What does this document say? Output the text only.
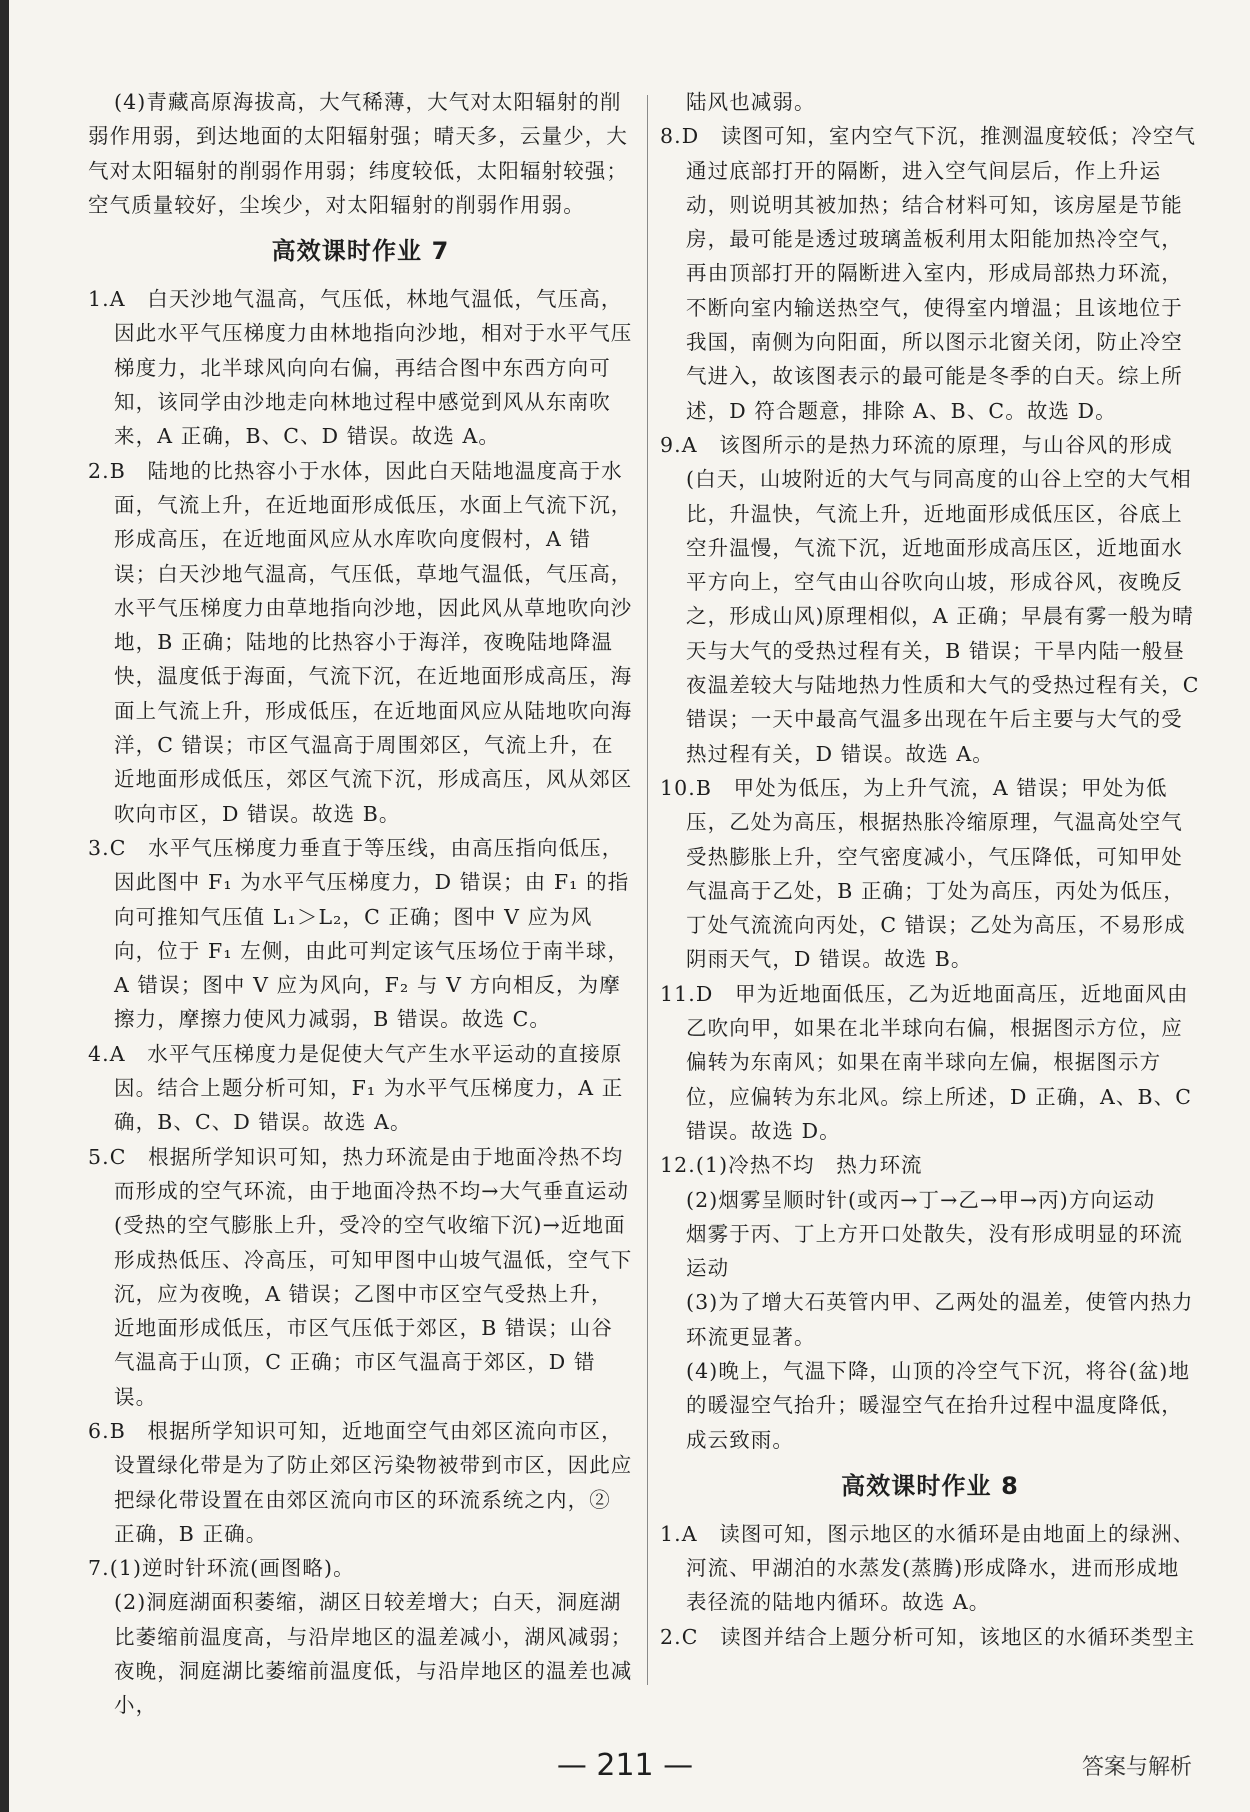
(4)青藏高原海拔高，大气稀薄，大气对太阳辐射的削弱作用弱，到达地面的太阳辐射强；晴天多，云量少，大气对太阳辐射的削弱作用弱；纬度较低，太阳辐射较强；空气质量较好，尘埃少，对太阳辐射的削弱作用弱。

高效课时作业 7

1.A　白天沙地气温高，气压低，林地气温低，气压高，因此水平气压梯度力由林地指向沙地，相对于水平气压梯度力，北半球风向向右偏，再结合图中东西方向可知，该同学由沙地走向林地过程中感觉到风从东南吹来，A 正确，B、C、D 错误。故选 A。

2.B　陆地的比热容小于水体，因此白天陆地温度高于水面，气流上升，在近地面形成低压，水面上气流下沉，形成高压，在近地面风应从水库吹向度假村，A 错误；白天沙地气温高，气压低，草地气温低，气压高，水平气压梯度力由草地指向沙地，因此风从草地吹向沙地，B 正确；陆地的比热容小于海洋，夜晚陆地降温快，温度低于海面，气流下沉，在近地面形成高压，海面上气流上升，形成低压，在近地面风应从陆地吹向海洋，C 错误；市区气温高于周围郊区，气流上升，在近地面形成低压，郊区气流下沉，形成高压，风从郊区吹向市区，D 错误。故选 B。

3.C　水平气压梯度力垂直于等压线，由高压指向低压，因此图中 F₁ 为水平气压梯度力，D 错误；由 F₁ 的指向可推知气压值 L₁＞L₂，C 正确；图中 V 应为风向，位于 F₁ 左侧，由此可判定该气压场位于南半球，A 错误；图中 V 应为风向，F₂ 与 V 方向相反，为摩擦力，摩擦力使风力减弱，B 错误。故选 C。

4.A　水平气压梯度力是促使大气产生水平运动的直接原因。结合上题分析可知，F₁ 为水平气压梯度力，A 正确，B、C、D 错误。故选 A。

5.C　根据所学知识可知，热力环流是由于地面冷热不均而形成的空气环流，由于地面冷热不均→大气垂直运动(受热的空气膨胀上升，受冷的空气收缩下沉)→近地面形成热低压、冷高压，可知甲图中山坡气温低，空气下沉，应为夜晚，A 错误；乙图中市区空气受热上升，近地面形成低压，市区气压低于郊区，B 错误；山谷气温高于山顶，C 正确；市区气温高于郊区，D 错误。

6.B　根据所学知识可知，近地面空气由郊区流向市区，设置绿化带是为了防止郊区污染物被带到市区，因此应把绿化带设置在由郊区流向市区的环流系统之内，② 正确，B 正确。

7.(1)逆时针环流(画图略)。

(2)洞庭湖面积萎缩，湖区日较差增大；白天，洞庭湖比萎缩前温度高，与沿岸地区的温差减小，湖风减弱；夜晚，洞庭湖比萎缩前温度低，与沿岸地区的温差也减小，

陆风也减弱。

8.D　读图可知，室内空气下沉，推测温度较低；冷空气通过底部打开的隔断，进入空气间层后，作上升运动，则说明其被加热；结合材料可知，该房屋是节能房，最可能是透过玻璃盖板利用太阳能加热冷空气，再由顶部打开的隔断进入室内，形成局部热力环流，不断向室内输送热空气，使得室内增温；且该地位于我国，南侧为向阳面，所以图示北窗关闭，防止冷空气进入，故该图表示的最可能是冬季的白天。综上所述，D 符合题意，排除 A、B、C。故选 D。

9.A　该图所示的是热力环流的原理，与山谷风的形成(白天，山坡附近的大气与同高度的山谷上空的大气相比，升温快，气流上升，近地面形成低压区，谷底上空升温慢，气流下沉，近地面形成高压区，近地面水平方向上，空气由山谷吹向山坡，形成谷风，夜晚反之，形成山风)原理相似，A 正确；早晨有雾一般为晴天与大气的受热过程有关，B 错误；干旱内陆一般昼夜温差较大与陆地热力性质和大气的受热过程有关，C 错误；一天中最高气温多出现在午后主要与大气的受热过程有关，D 错误。故选 A。

10.B　甲处为低压，为上升气流，A 错误；甲处为低压，乙处为高压，根据热胀冷缩原理，气温高处空气受热膨胀上升，空气密度减小，气压降低，可知甲处气温高于乙处，B 正确；丁处为高压，丙处为低压，丁处气流流向丙处，C 错误；乙处为高压，不易形成阴雨天气，D 错误。故选 B。

11.D　甲为近地面低压，乙为近地面高压，近地面风由乙吹向甲，如果在北半球向右偏，根据图示方位，应偏转为东南风；如果在南半球向左偏，根据图示方位，应偏转为东北风。综上所述，D 正确，A、B、C 错误。故选 D。

12.(1)冷热不均　热力环流

(2)烟雾呈顺时针(或丙→丁→乙→甲→丙)方向运动

烟雾于丙、丁上方开口处散失，没有形成明显的环流运动

(3)为了增大石英管内甲、乙两处的温差，使管内热力环流更显著。

(4)晚上，气温下降，山顶的冷空气下沉，将谷(盆)地的暖湿空气抬升；暖湿空气在抬升过程中温度降低，成云致雨。

高效课时作业 8

1.A　读图可知，图示地区的水循环是由地面上的绿洲、河流、甲湖泊的水蒸发(蒸腾)形成降水，进而形成地表径流的陆地内循环。故选 A。

2.C　读图并结合上题分析可知，该地区的水循环类型主

— 211 —	答案与解析
